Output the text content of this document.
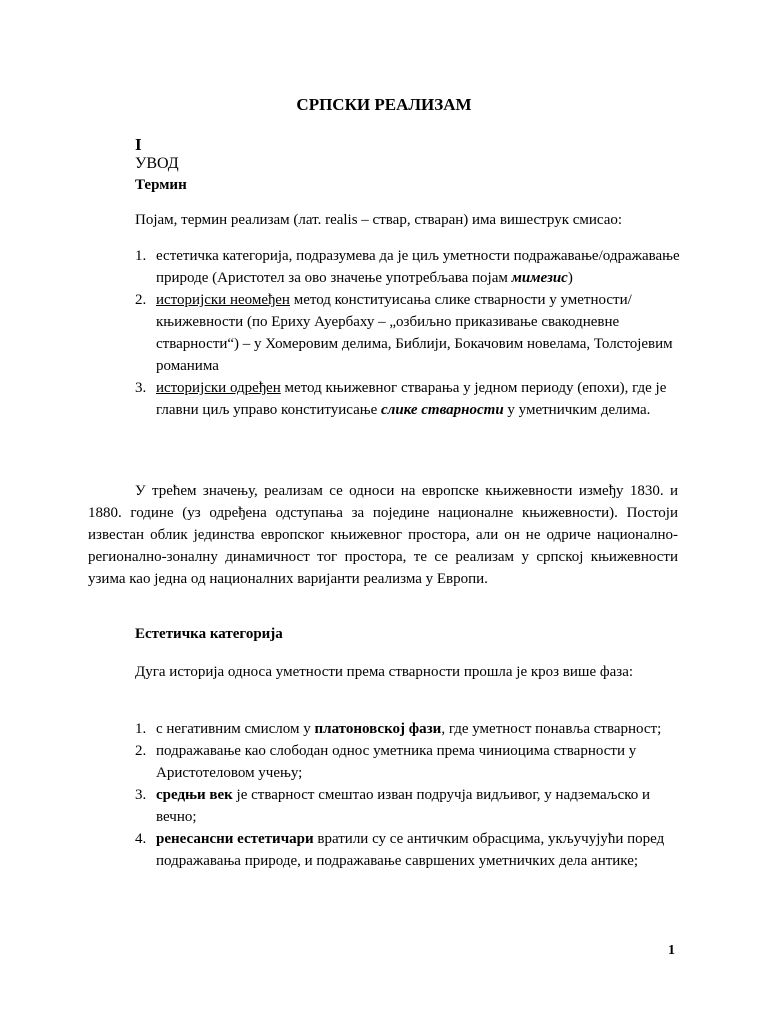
СРПСКИ РЕАЛИЗАМ
I
УВОД
Термин

Појам, термин реализам (лат. realis – ствар, стваран) има вишеструк смисао:

1. естетичка категорија, подразумева да је циљ уметности подражавање/одражавање природе (Аристотел за ово значење употребљава појам мимезис)
2. историјски неомеђен метод конституисања слике стварности у уметности/књижевности (по Ериху Ауербаху – „озбиљно приказивање свакодневне стварности“) – у Хомеровим делима, Библији, Бокачовим новелама, Толстојевим романима
3. историјски одређен метод књижевног стварања у једном периоду (епохи), где је главни циљ управо конституисање слике стварности у уметничким делима.

У трећем значењу, реализам се односи на европске књижевности између 1830. и 1880. године (уз одређена одступања за поједине националне књижевности). Постоји известан облик јединства европског књижевног простора, али он не одриче национално-регионално-зоналну динамичност тог простора, те се реализам у српској књижевности узима као једна од националних варијанти реализма у Европи.

Естетичка категорија

Дуга историја односа уметности према стварности прошла је кроз више фаза:

1. с негативним смислом у платоновској фази, где уметност понавља стварност;
2. подражавање као слободан однос уметника према чиниоцима стварности у Аристотеловом учењу;
3. средњи век је стварност смештао изван подручја видљивог, у надземаљско и вечно;
4. ренесансни естетичари вратили су се античким обрасцима, укључујући поред подражавања природе, и подражавање савршених уметничких дела антике;
1
